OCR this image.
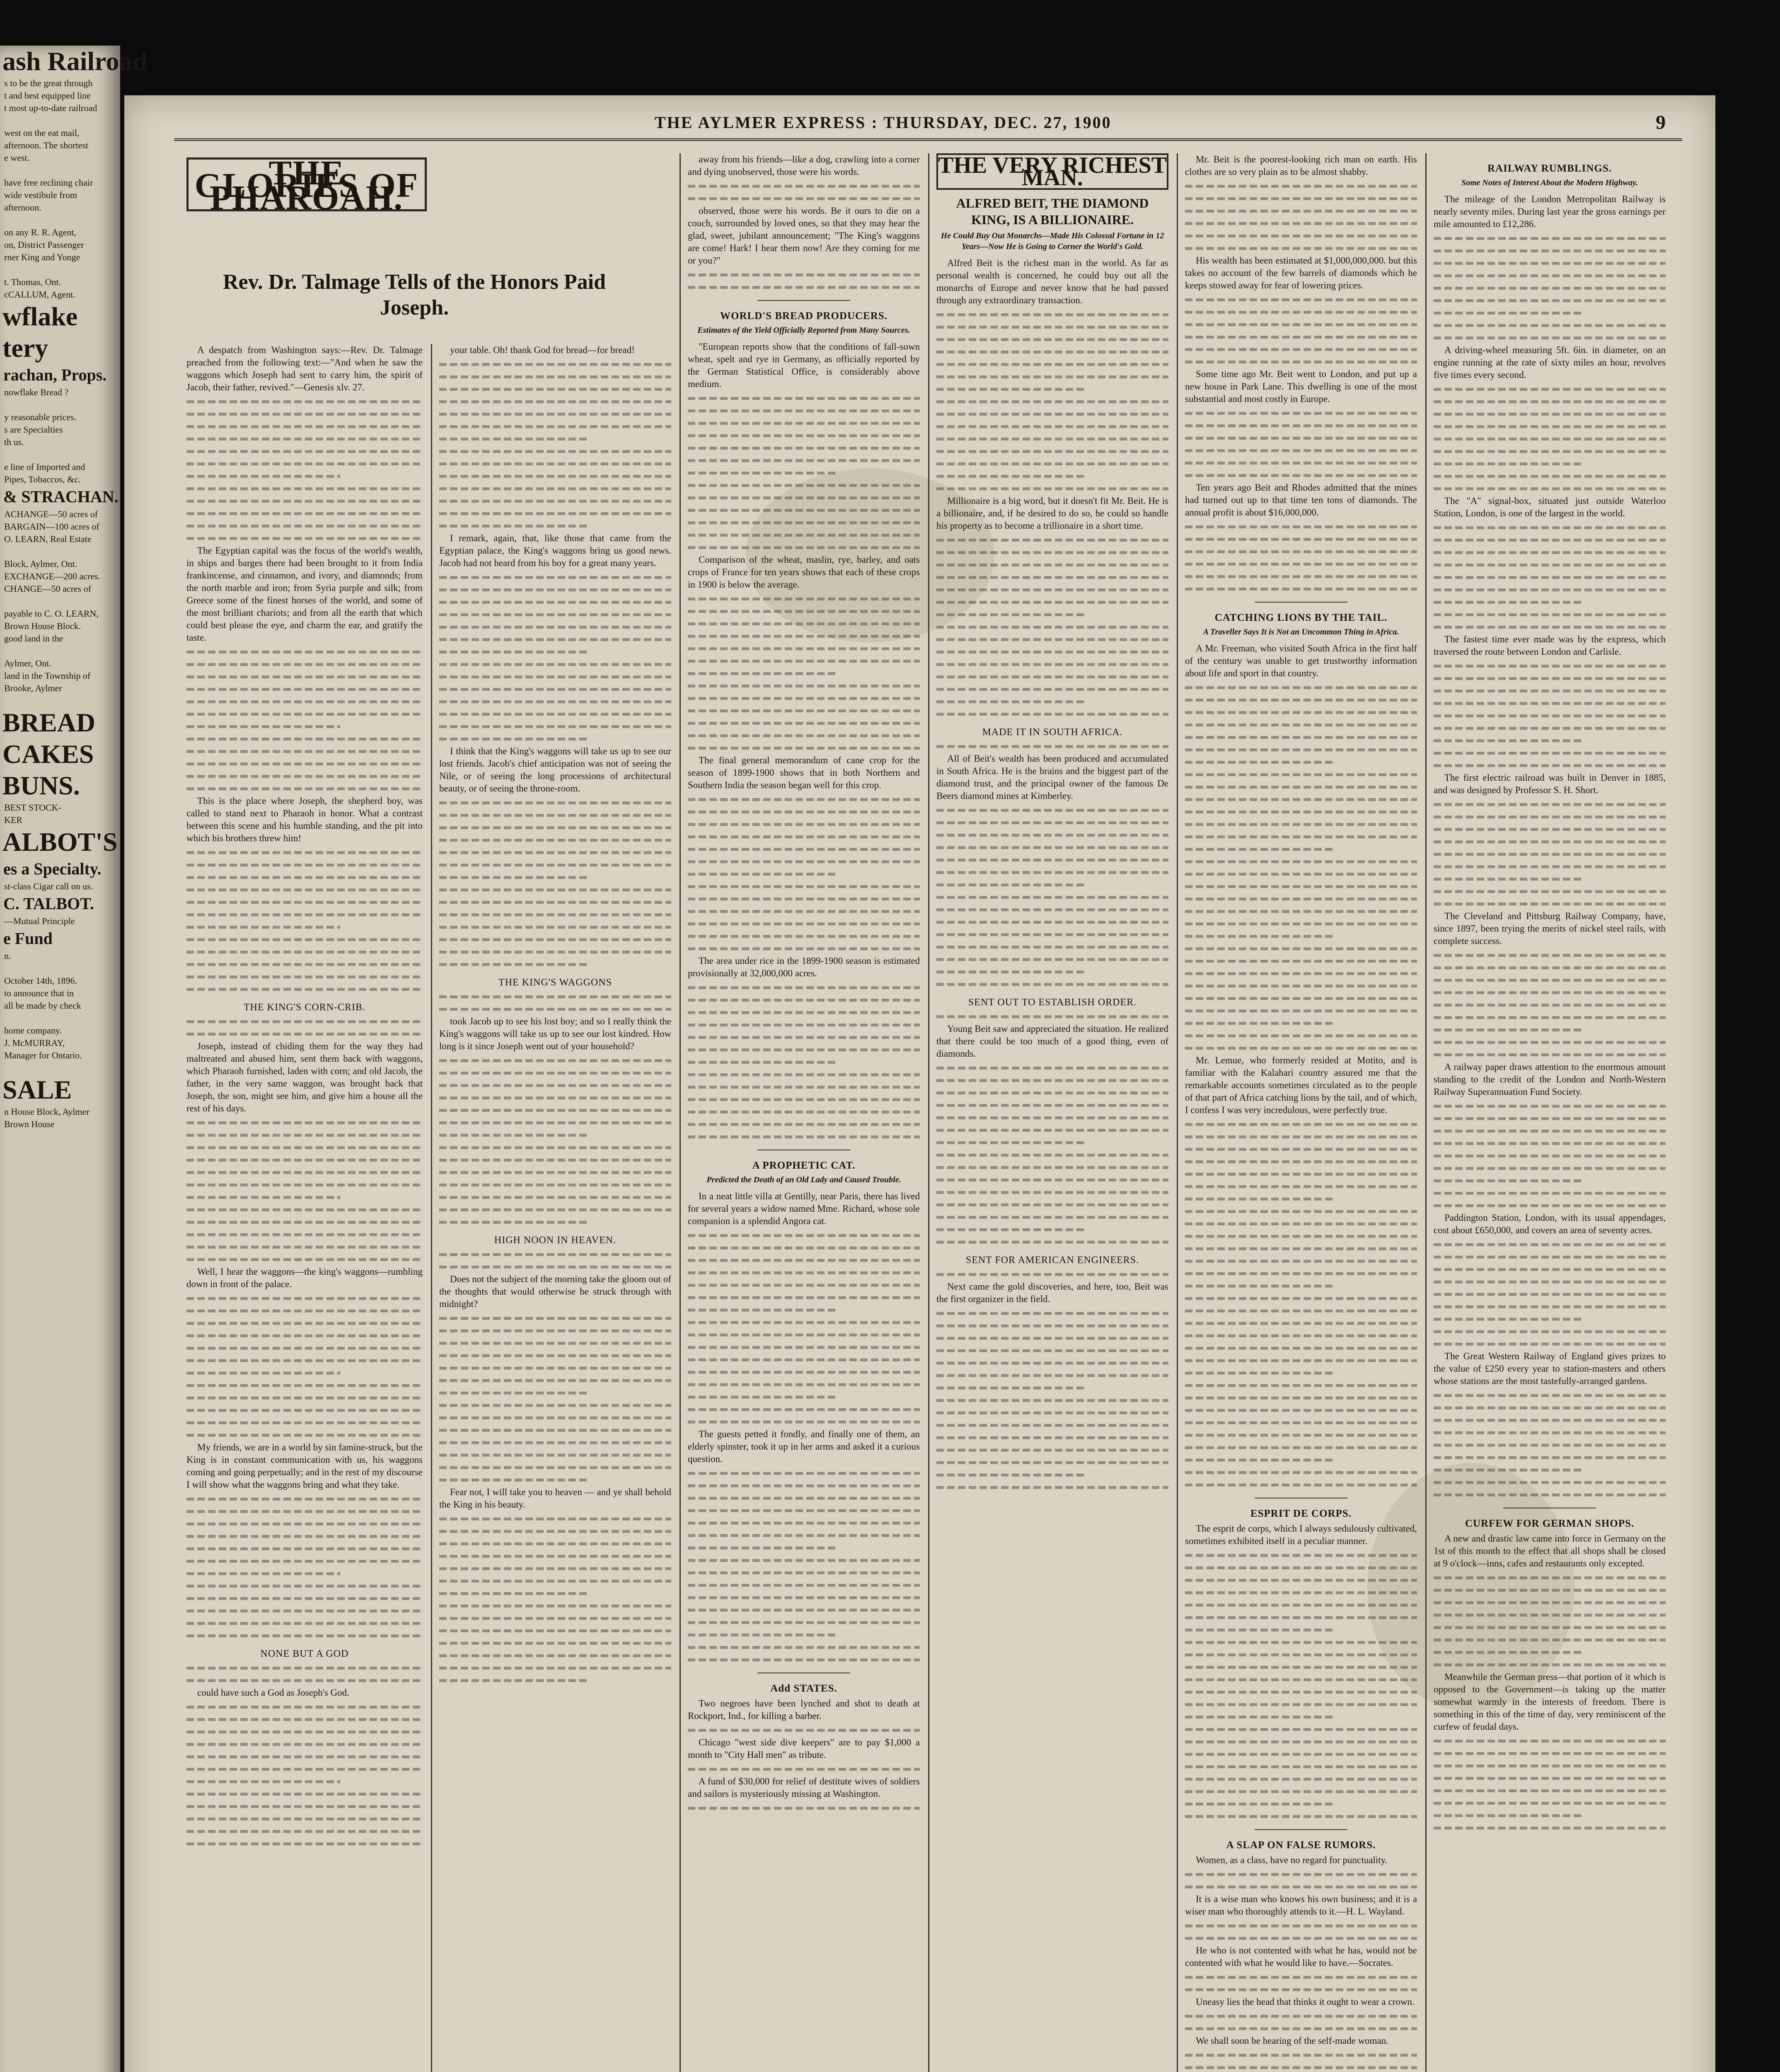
ash Railroad
s to be the great through
t and best equipped line
t most up-to-date railroad

west on the eat mail,
afternoon. The shortest
e west.

have free reclining chair
wide vestibule from
afternoon.

on any R. R. Agent,
on, District Passenger
rner King and Yonge

t. Thomas, Ont.
cCALLUM, Agent.
wflake
tery
rachan, Props.
nowflake Bread ?

y reasonable prices.
s are Specialties
th us.

e line of Imported and
Pipes, Tobaccos, &c.
& STRACHAN.
ACHANGE—50 acres of
BARGAIN—100 acres of
O. LEARN, Real Estate

Block, Aylmer, Ont.
EXCHANGE—200 acres.
CHANGE—50 acres of

payable to C. O. LEARN,
Brown House Block.
good land in the

Aylmer, Ont.
land in the Township of
Brooke, Aylmer

BREAD
CAKES
BUNS.
BEST STOCK-
KER
ALBOT'S
es a Specialty.
st-class Cigar call on us.
C. TALBOT.
—Mutual Principle
e Fund
n.

October 14th, 1896.
to announce that in
all be made by check

home company.
J. McMURRAY,
Manager for Ontario.

SALE
n House Block, Aylmer
Brown House

THE AYLMER EXPRESS : THURSDAY, DEC. 27, 1900	9
THE GLORIES OF PHAROAH.
Rev. Dr. Talmage Tells of the Honors Paid Joseph.

A despatch from Washington says:—Rev. Dr. Talmage preached from the following text:—"And when he saw the waggons which Joseph had sent to carry him, the spirit of Jacob, their father, revived."—Genesis xlv. 27.

The Egyptian capital was the focus of the world's wealth, in ships and barges there had been brought to it from India frankincense, and cinnamon, and ivory, and diamonds; from the north marble and iron; from Syria purple and silk; from Greece some of the finest horses of the world, and some of the most brilliant chariots; and from all the earth that which could best please the eye, and charm the ear, and gratify the taste.

This is the place where Joseph, the shepherd boy, was called to stand next to Pharaoh in honor. What a contrast between this scene and his humble standing, and the pit into which his brothers threw him!

THE KING'S CORN-CRIB.

Joseph, instead of chiding them for the way they had maltreated and abused him, sent them back with waggons, which Pharaoh furnished, laden with corn; and old Jacob, the father, in the very same waggon, was brought back that Joseph, the son, might see him, and give him a house all the rest of his days.

Well, I hear the waggons—the king's waggons—rumbling down in front of the palace.

My friends, we are in a world by sin famine-struck, but the King is in constant communication with us, his waggons coming and going perpetually; and in the rest of my discourse I will show what the waggons bring and what they take.

NONE BUT A GOD

could have such a God as Joseph's God.

your table. Oh! thank God for bread—for bread!

I remark, again, that, like those that came from the Egyptian palace, the King's waggons bring us good news. Jacob had not heard from his boy for a great many years.

I think that the King's waggons will take us up to see our lost friends. Jacob's chief anticipation was not of seeing the Nile, or of seeing the long processions of architectural beauty, or of seeing the throne-room.

THE KING'S WAGGONS

took Jacob up to see his lost boy; and so I really think the King's waggons will take us up to see our lost kindred. How long is it since Joseph went out of your household?

HIGH NOON IN HEAVEN.

Does not the subject of the morning take the gloom out of the thoughts that would otherwise be struck through with midnight?

Fear not, I will take you to heaven — and ye shall behold the King in his beauty.

away from his friends—like a dog, crawling into a corner and dying unobserved, those were his words.

observed, those were his words. Be it ours to die on a couch, surrounded by loved ones, so that they may hear the glad, sweet, jubilant announcement; "The King's waggons are come! Hark! I hear them now! Are they coming for me or you?"

WORLD'S BREAD PRODUCERS.
Estimates of the Yield Officially Reported from Many Sources.

"European reports show that the conditions of fall-sown wheat, spelt and rye in Germany, as officially reported by the German Statistical Office, is considerably above medium.

Comparison of the wheat, maslin, rye, barley, and oats crops of France for ten years shows that each of these crops in 1900 is below the average.

The final general memorandum of cane crop for the season of 1899-1900 shows that in both Northern and Southern India the season began well for this crop.

The area under rice in the 1899-1900 season is estimated provisionally at 32,000,000 acres.

A PROPHETIC CAT.
Predicted the Death of an Old Lady and Caused Trouble.

In a neat little villa at Gentilly, near Paris, there has lived for several years a widow named Mme. Richard, whose sole companion is a splendid Angora cat.

The guests petted it fondly, and finally one of them, an elderly spinster, took it up in her arms and asked it a curious question.

Add STATES.

Two negroes have been lynched and shot to death at Rockport, Ind., for killing a barber.

Chicago "west side dive keepers" are to pay $1,000 a month to "City Hall men" as tribute.

A fund of $30,000 for relief of destitute wives of soldiers and sailors is mysteriously missing at Washington.

THE VERY RICHEST MAN.
ALFRED BEIT, THE DIAMOND KING, IS A BILLIONAIRE.
He Could Buy Out Monarchs—Made His Colossal Fortune in 12 Years—Now He is Going to Corner the World's Gold.

Alfred Beit is the richest man in the world. As far as personal wealth is concerned, he could buy out all the monarchs of Europe and never know that he had passed through any extraordinary transaction.

Millionaire is a big word, but it doesn't fit Mr. Beit. He is a billionaire, and, if he desired to do so, he could so handle his property as to become a trillionaire in a short time.

MADE IT IN SOUTH AFRICA.

All of Beit's wealth has been produced and accumulated in South Africa. He is the brains and the biggest part of the diamond trust, and the principal owner of the famous De Beers diamond mines at Kimberley.

SENT OUT TO ESTABLISH ORDER.

Young Beit saw and appreciated the situation. He realized that there could be too much of a good thing, even of diamonds.

SENT FOR AMERICAN ENGINEERS.

Next came the gold discoveries, and here, too, Beit was the first organizer in the field.

Mr. Beit is the poorest-looking rich man on earth. His clothes are so very plain as to be almost shabby.

His wealth has been estimated at $1,000,000,000. but this takes no account of the few barrels of diamonds which he keeps stowed away for fear of lowering prices.

Some time ago Mr. Beit went to London, and put up a new house in Park Lane. This dwelling is one of the most substantial and most costly in Europe.

Ten years ago Beit and Rhodes admitted that the mines had turned out up to that time ten tons of diamonds. The annual profit is about $16,000,000.

CATCHING LIONS BY THE TAIL.
A Traveller Says It is Not an Uncommon Thing in Africa.

A Mr. Freeman, who visited South Africa in the first half of the century was unable to get trustworthy information about life and sport in that country.

Mr. Lemue, who formerly resided at Motito, and is familiar with the Kalahari country assured me that the remarkable accounts sometimes circulated as to the people of that part of Africa catching lions by the tail, and of which, I confess I was very incredulous, were perfectly true.

ESPRIT DE CORPS.

The esprit de corps, which I always sedulously cultivated, sometimes exhibited itself in a peculiar manner.

A SLAP ON FALSE RUMORS.

Women, as a class, have no regard for punctuality.

It is a wise man who knows his own business; and it is a wiser man who thoroughly attends to it.—H. L. Wayland.

He who is not contented with what he has, would not be contented with what he would like to have.—Socrates.

Uneasy lies the head that thinks it ought to wear a crown.

We shall soon be hearing of the self-made woman.

RAILWAY RUMBLINGS.
Some Notes of Interest About the Modern Highway.

The mileage of the London Metropolitan Railway is nearly seventy miles. During last year the gross earnings per mile amounted to £12,286.

A driving-wheel measuring 5ft. 6in. in diameter, on an engine running at the rate of sixty miles an hour, revolves five times every second.

The "A" signal-box, situated just outside Waterloo Station, London, is one of the largest in the world.

The fastest time ever made was by the express, which traversed the route between London and Carlisle.

The first electric railroad was built in Denver in 1885, and was designed by Professor S. H. Short.

The Cleveland and Pittsburg Railway Company, have, since 1897, been trying the merits of nickel steel rails, with complete success.

A railway paper draws attention to the enormous amount standing to the credit of the London and North-Western Railway Superannuation Fund Society.

Paddington Station, London, with its usual appendages, cost about £650,000, and covers an area of seventy acres.

The Great Western Railway of England gives prizes to the value of £250 every year to station-masters and others whose stations are the most tastefully-arranged gardens.

CURFEW FOR GERMAN SHOPS.

A new and drastic law came into force in Germany on the 1st of this month to the effect that all shops shall be closed at 9 o'clock—inns, cafes and restaurants only excepted.

Meanwhile the German press—that portion of it which is opposed to the Government—is taking up the matter somewhat warmly in the interests of freedom. There is something in this of the time of day, very reminiscent of the curfew of feudal days.
